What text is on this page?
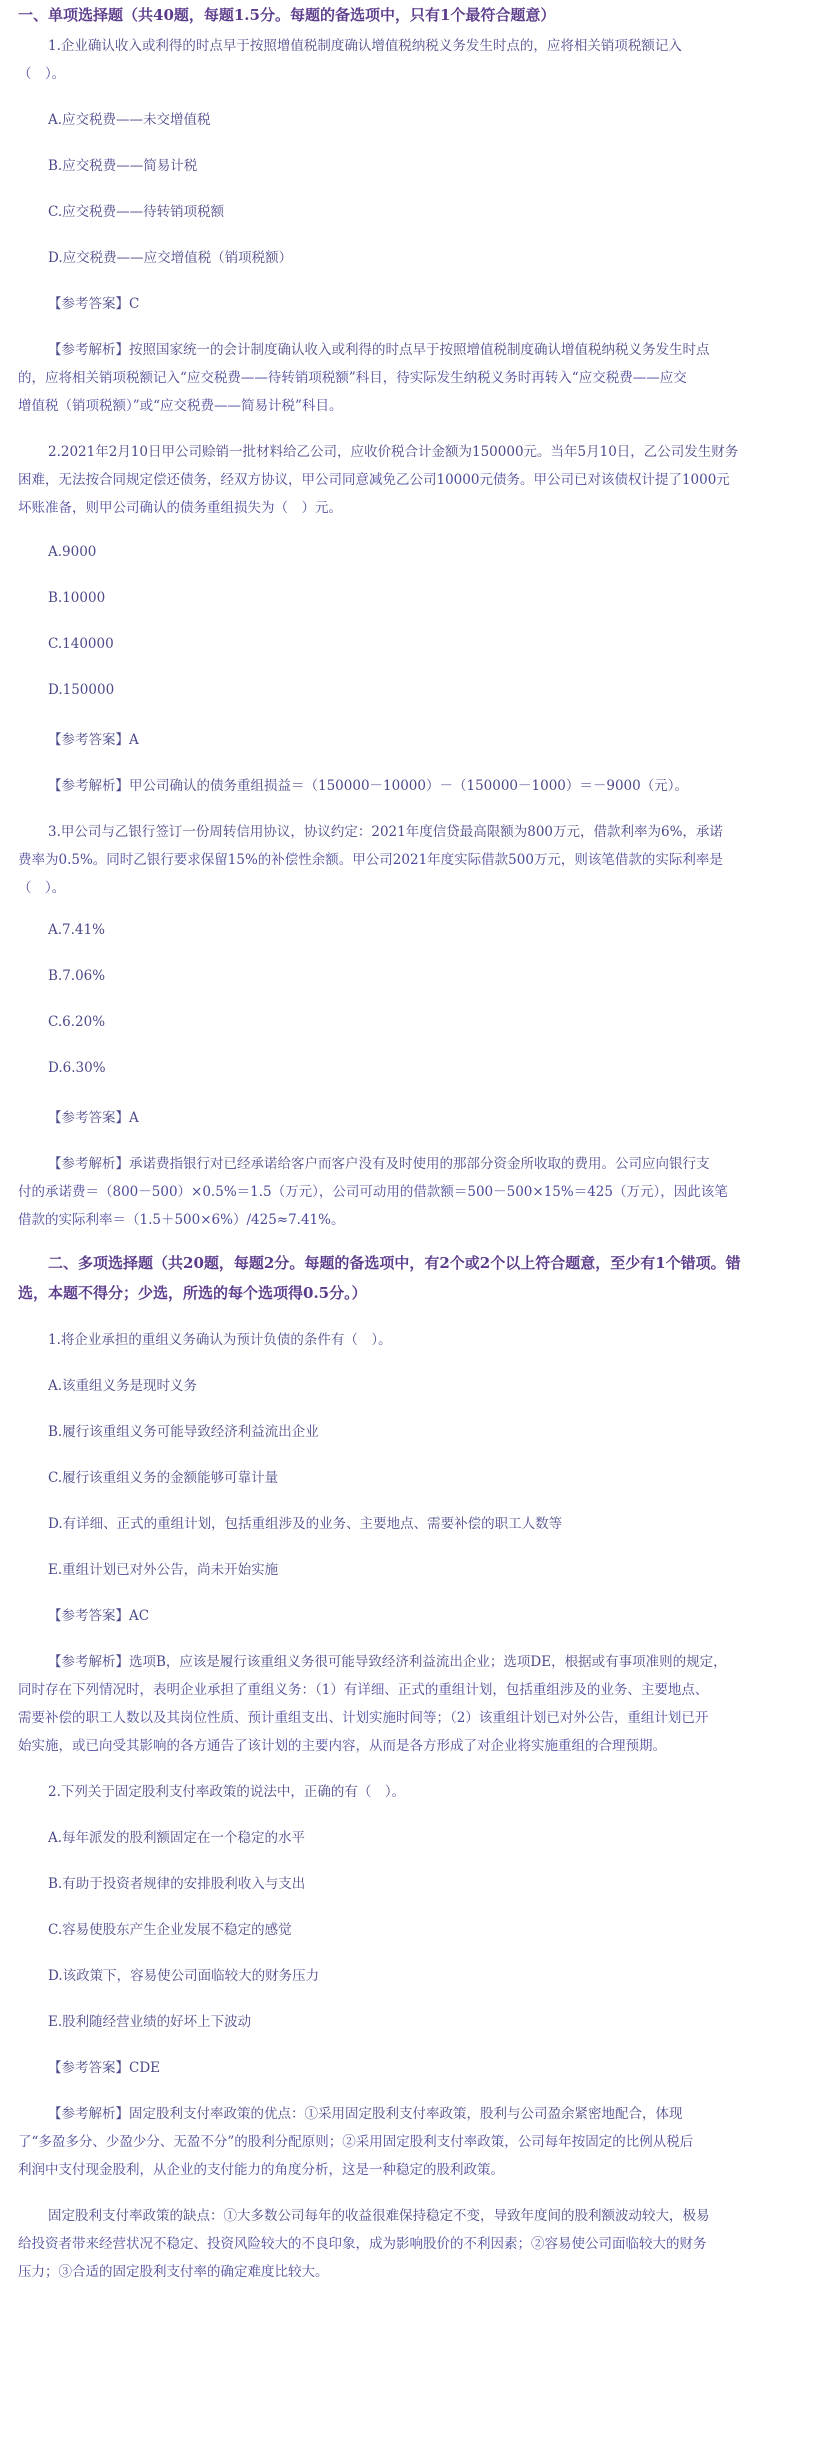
一、单项选择题（共40题，每题1.5分。每题的备选项中，只有1个最符合题意）
1.企业确认收入或利得的时点早于按照增值税制度确认增值税纳税义务发生时点的，应将相关销项税额记入
（　）。
A.应交税费——未交增值税
B.应交税费——简易计税
C.应交税费——待转销项税额
D.应交税费——应交增值税（销项税额）
【参考答案】C
【参考解析】按照国家统一的会计制度确认收入或利得的时点早于按照增值税制度确认增值税纳税义务发生时点
的，应将相关销项税额记入“应交税费——待转销项税额”科目，待实际发生纳税义务时再转入“应交税费——应交
增值税（销项税额）”或“应交税费——简易计税”科目。
2.2021年2月10日甲公司赊销一批材料给乙公司，应收价税合计金额为150000元。当年5月10日，乙公司发生财务
困难，无法按合同规定偿还债务，经双方协议，甲公司同意减免乙公司10000元债务。甲公司已对该债权计提了1000元
坏账准备，则甲公司确认的债务重组损失为（　）元。
A.9000
B.10000
C.140000
D.150000
【参考答案】A
【参考解析】甲公司确认的债务重组损益＝（150000－10000）－（150000－1000）＝－9000（元）。
3.甲公司与乙银行签订一份周转信用协议，协议约定：2021年度信贷最高限额为800万元，借款利率为6%，承诺
费率为0.5%。同时乙银行要求保留15%的补偿性余额。甲公司2021年度实际借款500万元，则该笔借款的实际利率是
（　）。
A.7.41%
B.7.06%
C.6.20%
D.6.30%
【参考答案】A
【参考解析】承诺费指银行对已经承诺给客户而客户没有及时使用的那部分资金所收取的费用。公司应向银行支
付的承诺费＝（800－500）×0.5%＝1.5（万元），公司可动用的借款额＝500－500×15%＝425（万元），因此该笔
借款的实际利率＝（1.5＋500×6%）/425≈7.41%。
二、多项选择题（共20题，每题2分。每题的备选项中，有2个或2个以上符合题意，至少有1个错项。错
选，本题不得分；少选，所选的每个选项得0.5分。）
1.将企业承担的重组义务确认为预计负债的条件有（　）。
A.该重组义务是现时义务
B.履行该重组义务可能导致经济利益流出企业
C.履行该重组义务的金额能够可靠计量
D.有详细、正式的重组计划，包括重组涉及的业务、主要地点、需要补偿的职工人数等
E.重组计划已对外公告，尚未开始实施
【参考答案】AC
【参考解析】选项B，应该是履行该重组义务很可能导致经济利益流出企业；选项DE，根据或有事项准则的规定，
同时存在下列情况时，表明企业承担了重组义务：（1）有详细、正式的重组计划，包括重组涉及的业务、主要地点、
需要补偿的职工人数以及其岗位性质、预计重组支出、计划实施时间等；（2）该重组计划已对外公告，重组计划已开
始实施，或已向受其影响的各方通告了该计划的主要内容，从而是各方形成了对企业将实施重组的合理预期。
2.下列关于固定股利支付率政策的说法中，正确的有（　）。
A.每年派发的股利额固定在一个稳定的水平
B.有助于投资者规律的安排股利收入与支出
C.容易使股东产生企业发展不稳定的感觉
D.该政策下，容易使公司面临较大的财务压力
E.股利随经营业绩的好坏上下波动
【参考答案】CDE
【参考解析】固定股利支付率政策的优点：①采用固定股利支付率政策，股利与公司盈余紧密地配合，体现
了“多盈多分、少盈少分、无盈不分”的股利分配原则；②采用固定股利支付率政策，公司每年按固定的比例从税后
利润中支付现金股利，从企业的支付能力的角度分析，这是一种稳定的股利政策。
固定股利支付率政策的缺点：①大多数公司每年的收益很难保持稳定不变，导致年度间的股利额波动较大，极易
给投资者带来经营状况不稳定、投资风险较大的不良印象，成为影响股价的不利因素；②容易使公司面临较大的财务
压力；③合适的固定股利支付率的确定难度比较大。
